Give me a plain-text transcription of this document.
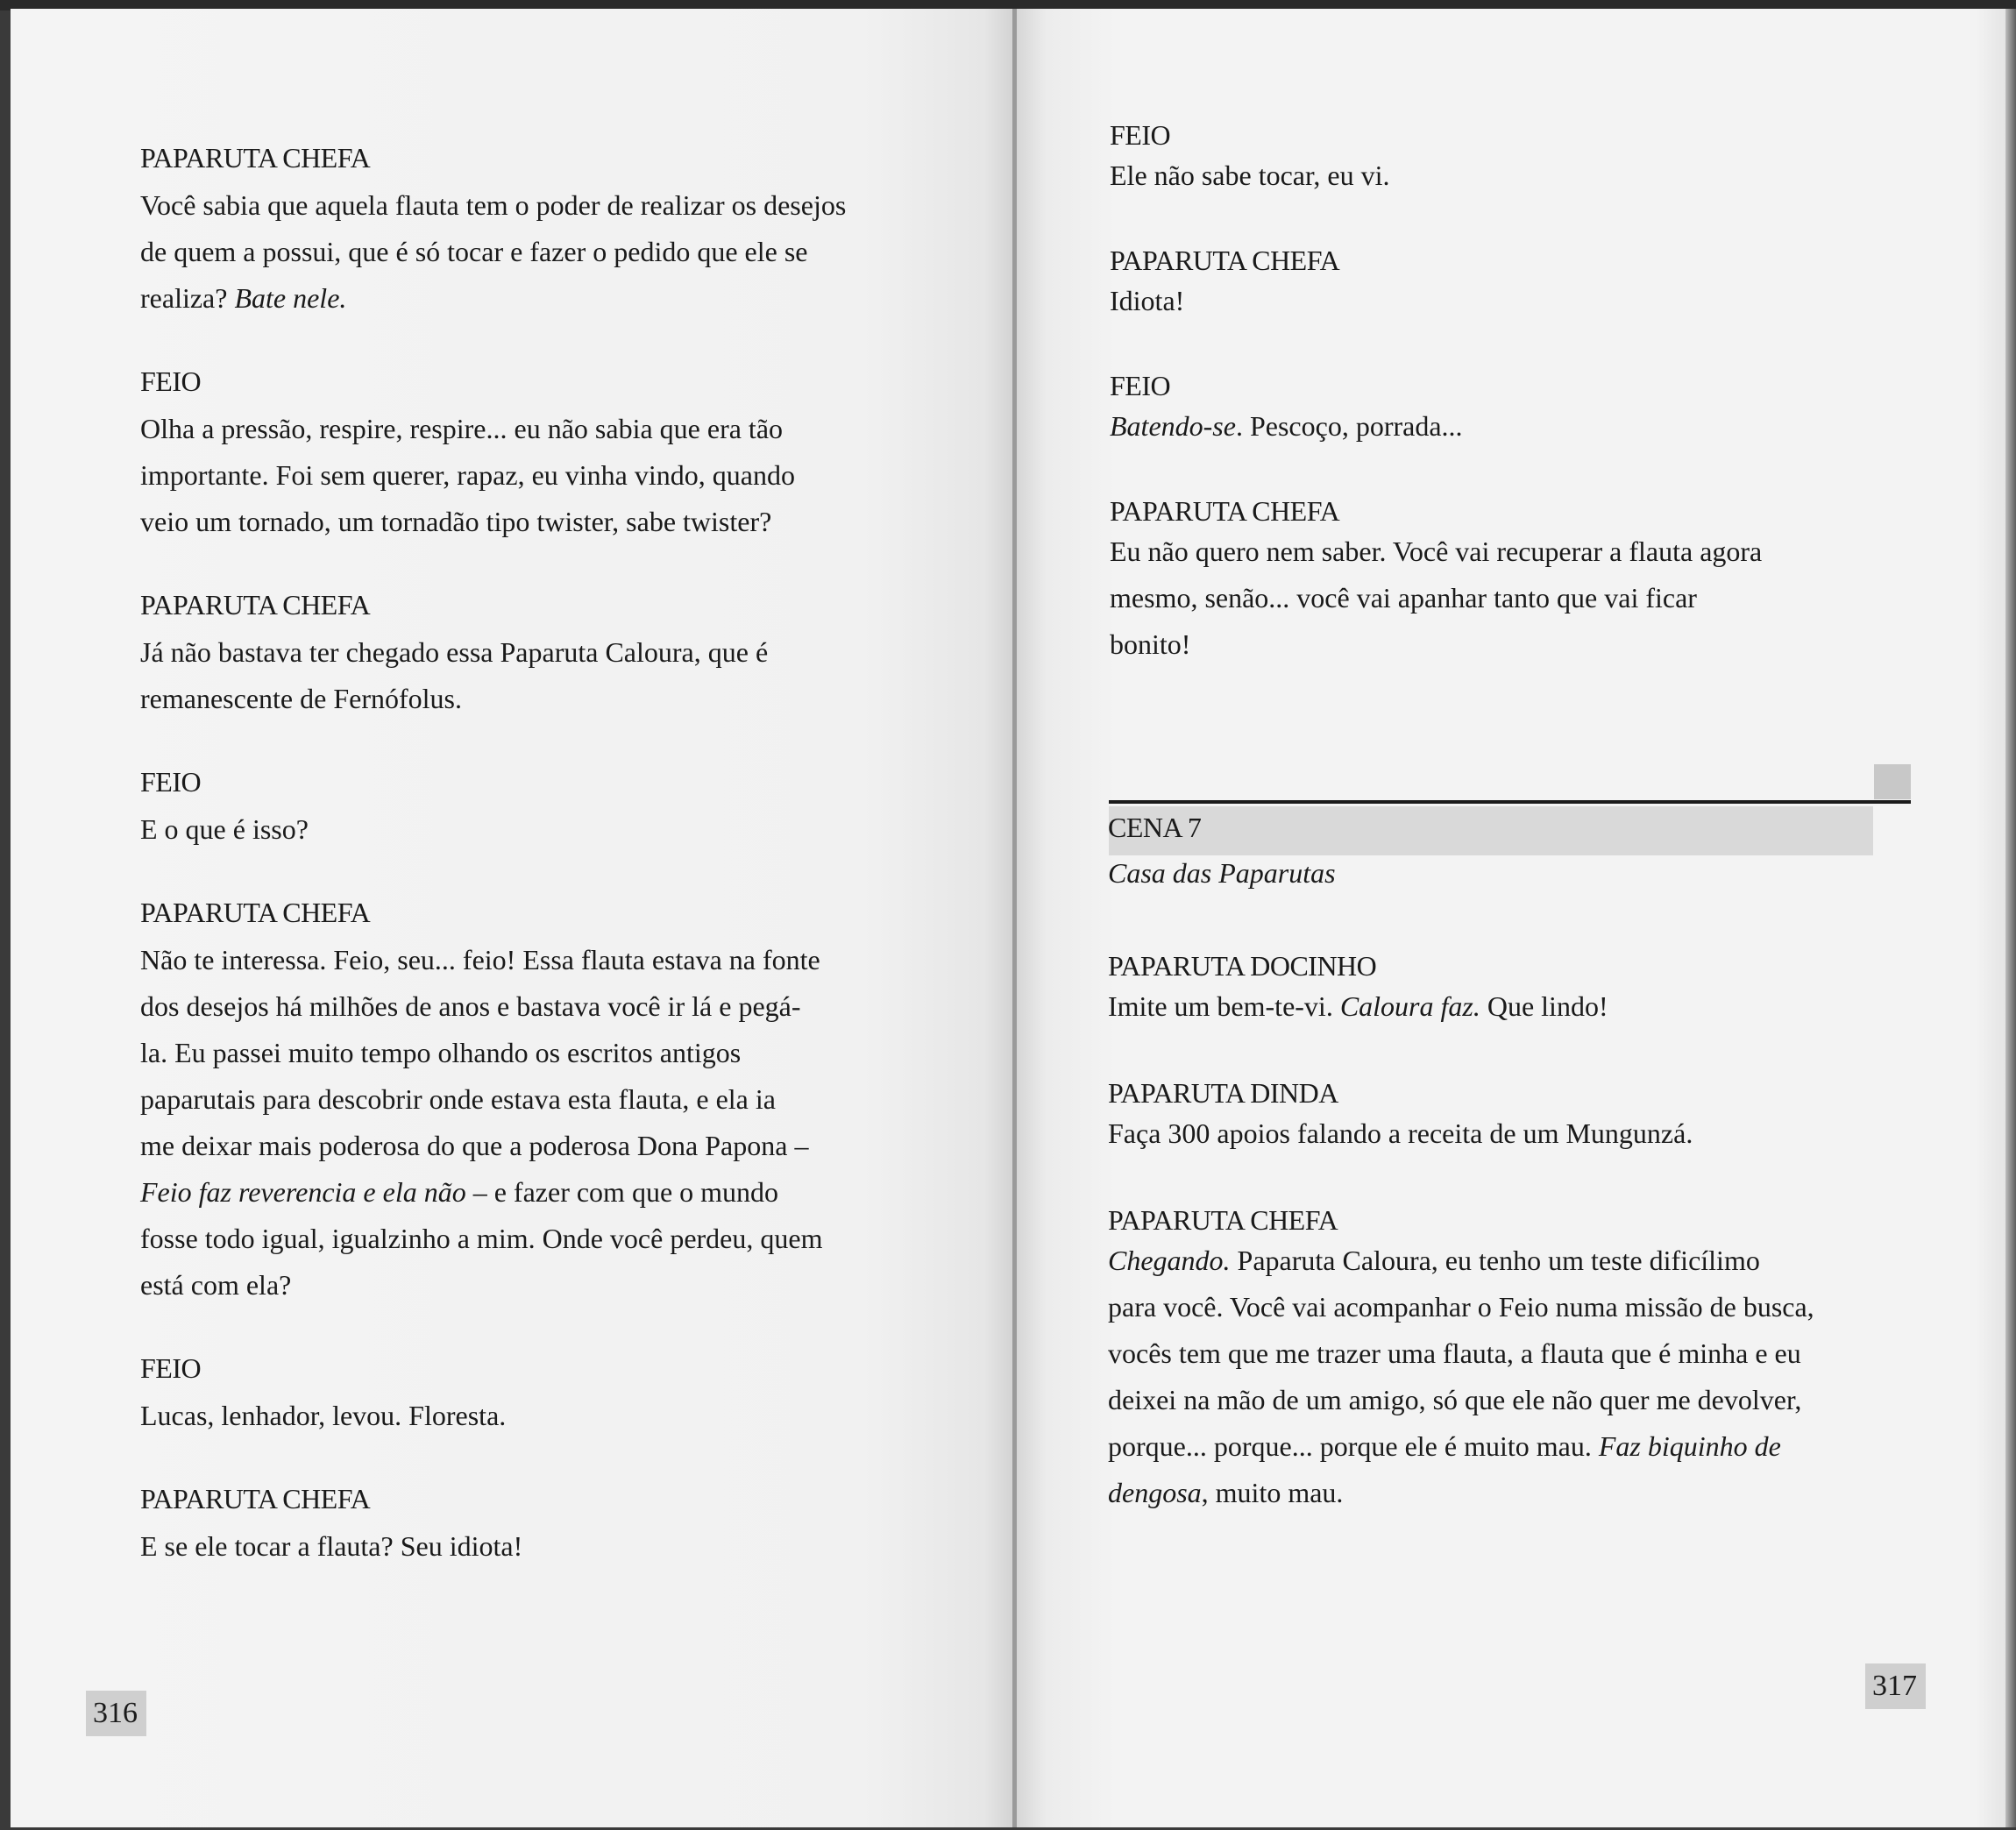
PAPARUTA CHEFA
Você sabia que aquela flauta tem o poder de realizar os desejos
de quem a possui, que é só tocar e fazer o pedido que ele se
realiza? Bate nele.
FEIO
Olha a pressão, respire, respire... eu não sabia que era tão
importante. Foi sem querer, rapaz, eu vinha vindo, quando
veio um tornado, um tornadão tipo twister, sabe twister?
PAPARUTA CHEFA
Já não bastava ter chegado essa Paparuta Caloura, que é
remanescente de Fernófolus.
FEIO
E o que é isso?
PAPARUTA CHEFA
Não te interessa. Feio, seu... feio! Essa flauta estava na fonte
dos desejos há milhões de anos e bastava você ir lá e pegá-
la. Eu passei muito tempo olhando os escritos antigos
paparutais para descobrir onde estava esta flauta, e ela ia
me deixar mais poderosa do que a poderosa Dona Papona –
Feio faz reverencia e ela não – e fazer com que o mundo
fosse todo igual, igualzinho a mim. Onde você perdeu, quem
está com ela?
FEIO
Lucas, lenhador, levou. Floresta.
PAPARUTA CHEFA
E se ele tocar a flauta? Seu idiota!
FEIO
Ele não sabe tocar, eu vi.
PAPARUTA CHEFA
Idiota!
FEIO
Batendo-se. Pescoço, porrada...
PAPARUTA CHEFA
Eu não quero nem saber. Você vai recuperar a flauta agora
mesmo, senão... você vai apanhar tanto que vai ficar
bonito!
CENA 7
Casa das Paparutas
PAPARUTA DOCINHO
Imite um bem-te-vi. Caloura faz. Que lindo!
PAPARUTA DINDA
Faça 300 apoios falando a receita de um Mungunzá.
PAPARUTA CHEFA
Chegando. Paparuta Caloura, eu tenho um teste dificílimo
para você. Você vai acompanhar o Feio numa missão de busca,
vocês tem que me trazer uma flauta, a flauta que é minha e eu
deixei na mão de um amigo, só que ele não quer me devolver,
porque... porque... porque ele é muito mau. Faz biquinho de
dengosa, muito mau.
316
317
